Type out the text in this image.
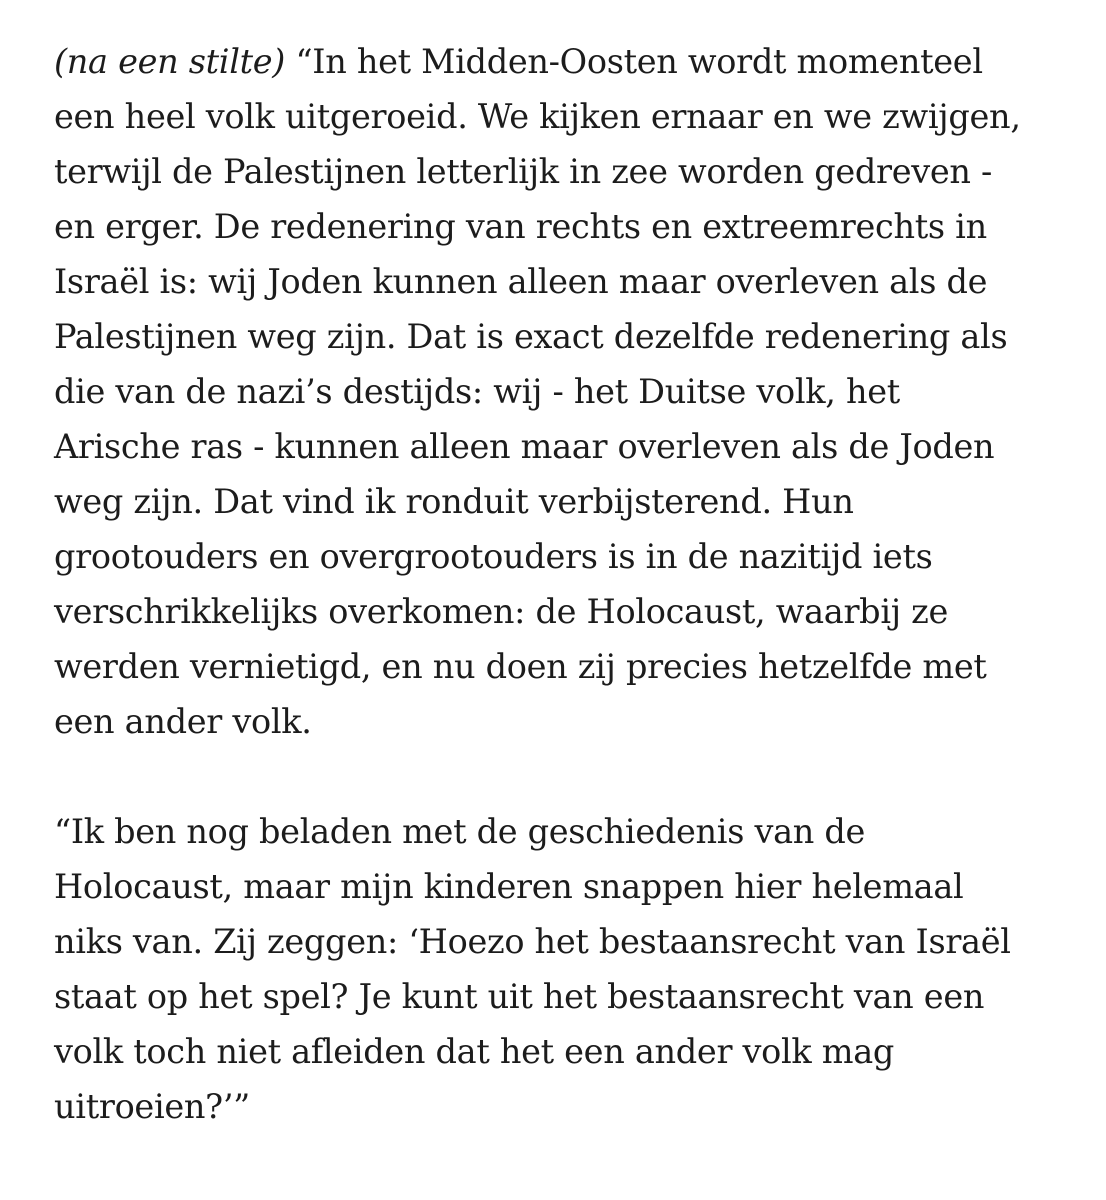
(na een stilte) “In het Midden-Oosten wordt momenteel
een heel volk uitgeroeid. We kijken ernaar en we zwijgen,
terwijl de Palestijnen letterlijk in zee worden gedreven -
en erger. De redenering van rechts en extreemrechts in
Israël is: wij Joden kunnen alleen maar overleven als de
Palestijnen weg zijn. Dat is exact dezelfde redenering als
die van de nazi’s destijds: wij - het Duitse volk, het
Arische ras - kunnen alleen maar overleven als de Joden
weg zijn. Dat vind ik ronduit verbijsterend. Hun
grootouders en overgrootouders is in de nazitijd iets
verschrikkelijks overkomen: de Holocaust, waarbij ze
werden vernietigd, en nu doen zij precies hetzelfde met
een ander volk.

“Ik ben nog beladen met de geschiedenis van de
Holocaust, maar mijn kinderen snappen hier helemaal
niks van. Zij zeggen: ‘Hoezo het bestaansrecht van Israël
staat op het spel? Je kunt uit het bestaansrecht van een
volk toch niet afleiden dat het een ander volk mag
uitroeien?’”
